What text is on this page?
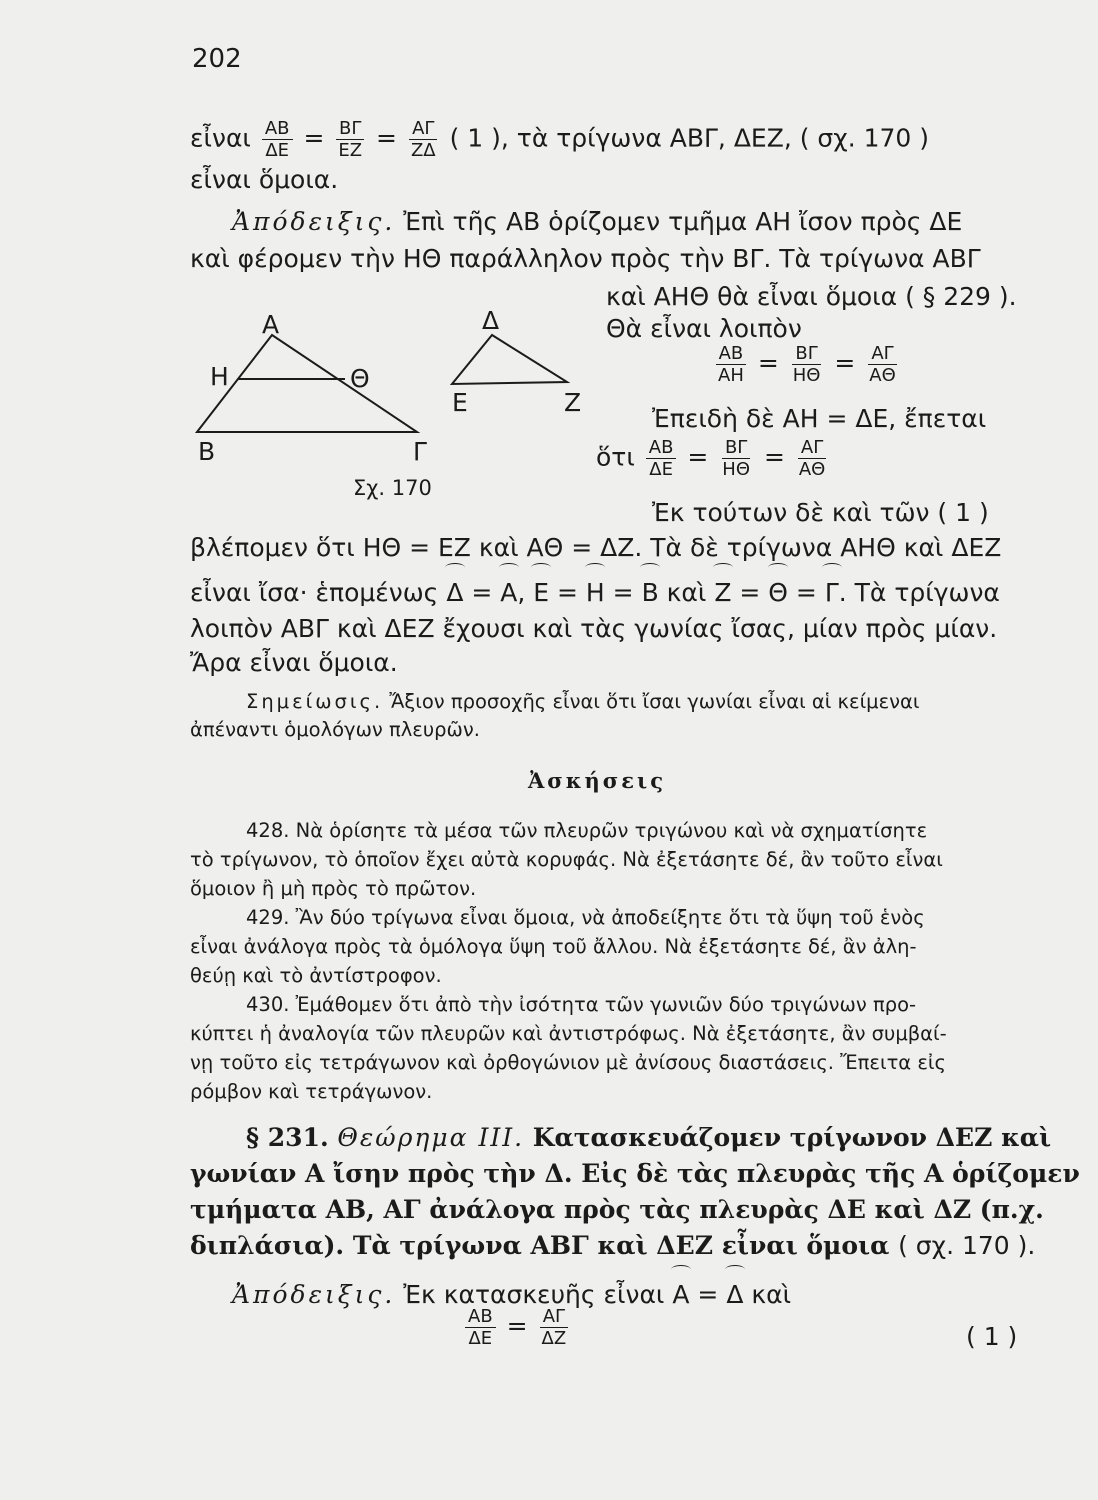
202
εἶναι $\frac{AB}{\Delta E} = \frac{B\Gamma}{EZ} = \frac{A\Gamma}{Z\Delta}$ ( 1 ), τὰ τρίγωνα ΑΒΓ, ΔΕΖ, ( σχ. 170 )
εἶναι ὅμοια.
Ἀπόδειξις. Ἐπὶ τῆς ΑΒ ὁρίζομεν τμῆμα ΑΗ ἴσον πρὸς ΔΕ
καὶ φέρομεν τὴν ΗΘ παράλληλον πρὸς τὴν ΒΓ. Τὰ τρίγωνα ΑΒΓ
καὶ ΑΗΘ θὰ εἶναι ὅμοια ( § 229 ).
Θὰ εἶναι λοιπὸν
$\frac{AB}{AH} = \frac{B\Gamma}{H\Theta} = \frac{A\Gamma}{A\Theta}$
Ἐπειδὴ δὲ ΑΗ = ΔΕ, ἔπεται
ὅτι $\frac{AB}{\Delta E} = \frac{B\Gamma}{H\Theta} = \frac{A\Gamma}{A\Theta}$
Ἐκ τούτων δὲ καὶ τῶν ( 1 )
βλέπομεν ὅτι ΗΘ = ΕΖ καὶ ΑΘ = ΔΖ. Τὰ δὲ τρίγωνα ΑΗΘ καὶ ΔΕΖ
εἶναι ἴσα· ἑπομένως Δ = Α, Ε = Η = Β καὶ Ζ = Θ = Γ. Τὰ τρίγωνα
λοιπὸν ΑΒΓ καὶ ΔΕΖ ἔχουσι καὶ τὰς γωνίας ἴσας, μίαν πρὸς μίαν.
Ἄρα εἶναι ὅμοια.
Α
Η	Θ
Β	Γ
Δ
Ε	Ζ
Σχ. 170
Σημείωσις. Ἄξιον προσοχῆς εἶναι ὅτι ἴσαι γωνίαι εἶναι αἱ κείμεναι
ἀπέναντι ὁμολόγων πλευρῶν.
Ἀσκήσεις
428. Νὰ ὁρίσητε τὰ μέσα τῶν πλευρῶν τριγώνου καὶ νὰ σχηματίσητε
τὸ τρίγωνον, τὸ ὁποῖον ἔχει αὐτὰ κορυφάς. Νὰ ἐξετάσητε δέ, ἂν τοῦτο εἶναι
ὅμοιον ἢ μὴ πρὸς τὸ πρῶτον.
429. Ἂν δύο τρίγωνα εἶναι ὅμοια, νὰ ἀποδείξητε ὅτι τὰ ὕψη τοῦ ἑνὸς
εἶναι ἀνάλογα πρὸς τὰ ὁμόλογα ὕψη τοῦ ἄλλου. Νὰ ἐξετάσητε δέ, ἂν ἀλη-
θεύῃ καὶ τὸ ἀντίστροφον.
430. Ἐμάθομεν ὅτι ἀπὸ τὴν ἰσότητα τῶν γωνιῶν δύο τριγώνων προ-
κύπτει ἡ ἀναλογία τῶν πλευρῶν καὶ ἀντιστρόφως. Νὰ ἐξετάσητε, ἂν συμβαί-
νῃ τοῦτο εἰς τετράγωνον καὶ ὀρθογώνιον μὲ ἀνίσους διαστάσεις. Ἔπειτα εἰς
ρόμβον καὶ τετράγωνον.
§ 231. Θεώρημα ΙΙΙ. Κατασκευάζομεν τρίγωνον ΔΕΖ καὶ
γωνίαν Α ἴσην πρὸς τὴν Δ. Εἰς δὲ τὰς πλευρὰς τῆς Α ὁρίζομεν
τμήματα ΑΒ, ΑΓ ἀνάλογα πρὸς τὰς πλευρὰς ΔΕ καὶ ΔΖ (π.χ.
διπλάσια). Τὰ τρίγωνα ΑΒΓ καὶ ΔΕΖ εἶναι ὅμοια ( σχ. 170 ).
Ἀπόδειξις. Ἐκ κατασκευῆς εἶναι Α = Δ καὶ
$\frac{AB}{\Delta E} = \frac{A\Gamma}{\Delta Z}$	( 1 )
